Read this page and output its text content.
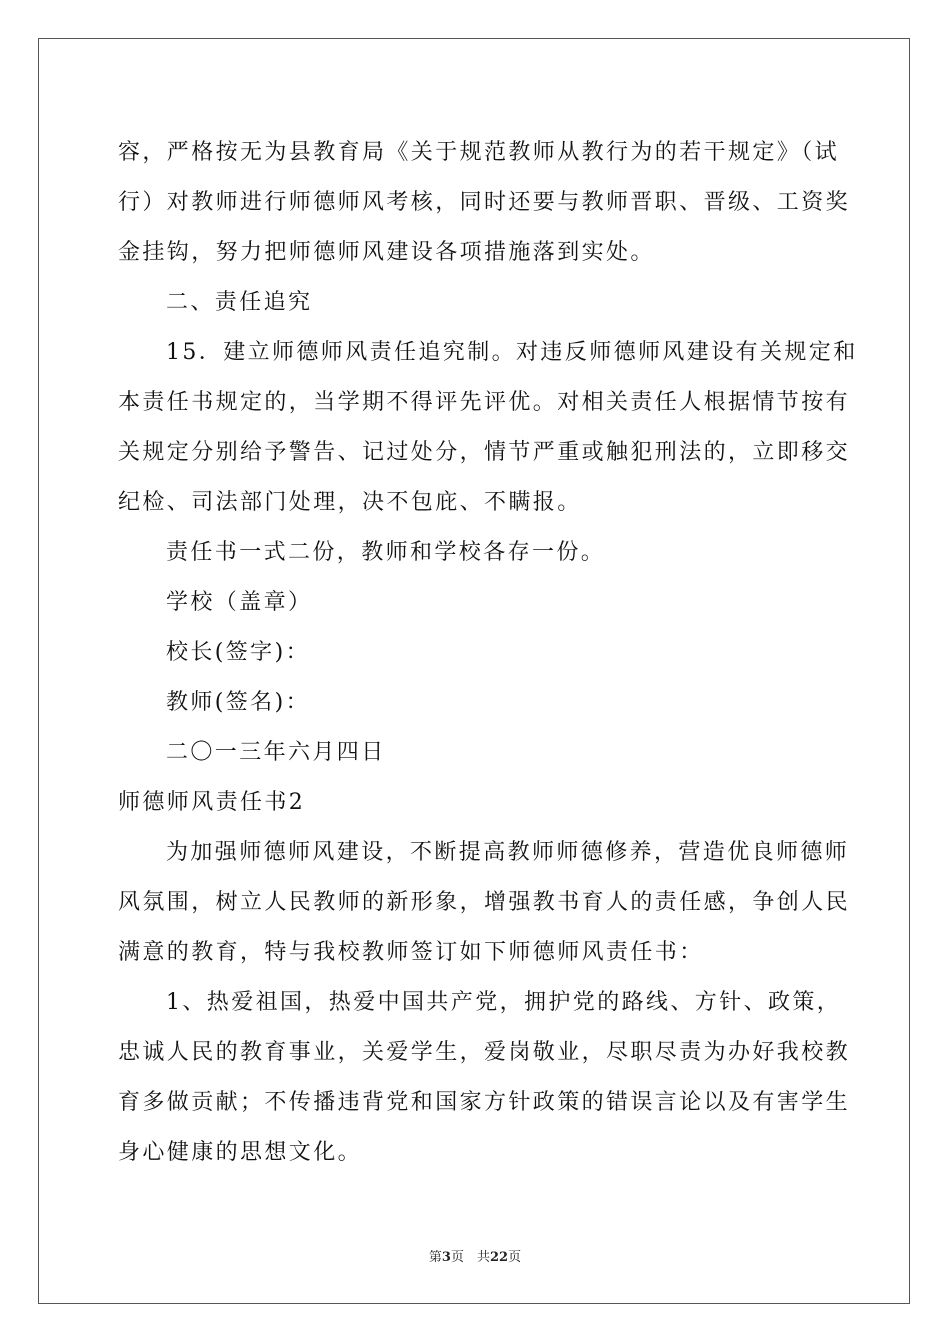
容，严格按无为县教育局《关于规范教师从教行为的若干规定》（试
行）对教师进行师德师风考核，同时还要与教师晋职、晋级、工资奖
金挂钩，努力把师德师风建设各项措施落到实处。
二、责任追究
15．建立师德师风责任追究制。对违反师德师风建设有关规定和
本责任书规定的，当学期不得评先评优。对相关责任人根据情节按有
关规定分别给予警告、记过处分，情节严重或触犯刑法的，立即移交
纪检、司法部门处理，决不包庇、不瞒报。
责任书一式二份，教师和学校各存一份。
学校（盖章）
校长(签字)：
教师(签名)：
二〇一三年六月四日
师德师风责任书2
为加强师德师风建设，不断提高教师师德修养，营造优良师德师
风氛围，树立人民教师的新形象，增强教书育人的责任感，争创人民
满意的教育，特与我校教师签订如下师德师风责任书：
1、热爱祖国，热爱中国共产党，拥护党的路线、方针、政策，
忠诚人民的教育事业，关爱学生，爱岗敬业，尽职尽责为办好我校教
育多做贡献；不传播违背党和国家方针政策的错误言论以及有害学生
身心健康的思想文化。
第3页　共22页
